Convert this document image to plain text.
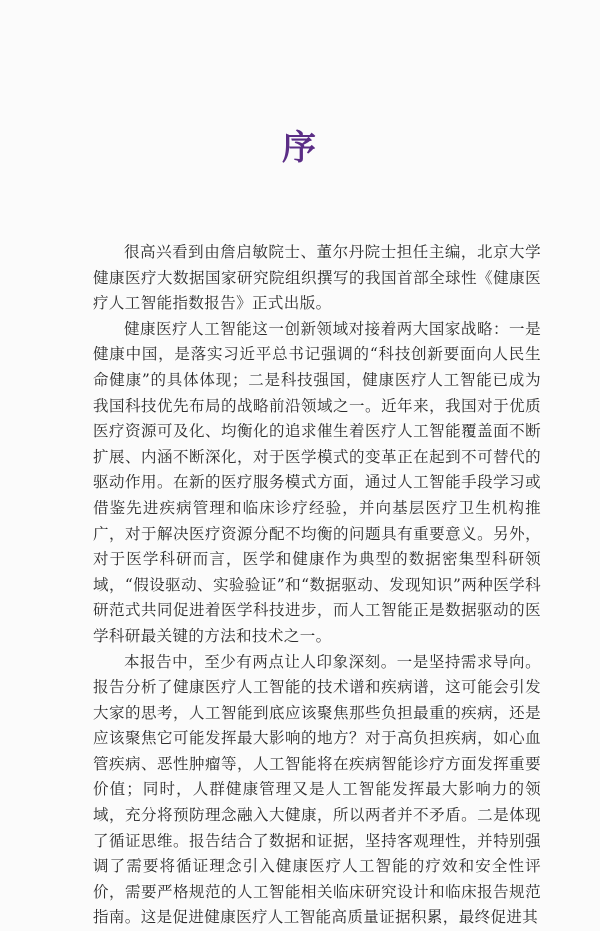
序

很高兴看到由詹启敏院士、董尔丹院士担任主编，北京大学健康医疗大数据国家研究院组织撰写的我国首部全球性《健康医疗人工智能指数报告》正式出版。

健康医疗人工智能这一创新领域对接着两大国家战略：一是健康中国，是落实习近平总书记强调的“科技创新要面向人民生命健康”的具体体现；二是科技强国，健康医疗人工智能已成为我国科技优先布局的战略前沿领域之一。近年来，我国对于优质医疗资源可及化、均衡化的追求催生着医疗人工智能覆盖面不断扩展、内涵不断深化，对于医学模式的变革正在起到不可替代的驱动作用。在新的医疗服务模式方面，通过人工智能手段学习或借鉴先进疾病管理和临床诊疗经验，并向基层医疗卫生机构推广，对于解决医疗资源分配不均衡的问题具有重要意义。另外，对于医学科研而言，医学和健康作为典型的数据密集型科研领域，“假设驱动、实验验证”和“数据驱动、发现知识”两种医学科研范式共同促进着医学科技进步，而人工智能正是数据驱动的医学科研最关键的方法和技术之一。

本报告中，至少有两点让人印象深刻。一是坚持需求导向。报告分析了健康医疗人工智能的技术谱和疾病谱，这可能会引发大家的思考，人工智能到底应该聚焦那些负担最重的疾病，还是应该聚焦它可能发挥最大影响的地方？对于高负担疾病，如心血管疾病、恶性肿瘤等，人工智能将在疾病智能诊疗方面发挥重要价值；同时，人群健康管理又是人工智能发挥最大影响力的领域，充分将预防理念融入大健康，所以两者并不矛盾。二是体现了循证思维。报告结合了数据和证据，坚持客观理性，并特别强调了需要将循证理念引入健康医疗人工智能的疗效和安全性评价，需要严格规范的人工智能相关临床研究设计和临床报告规范指南。这是促进健康医疗人工智能高质量证据积累，最终促进其
